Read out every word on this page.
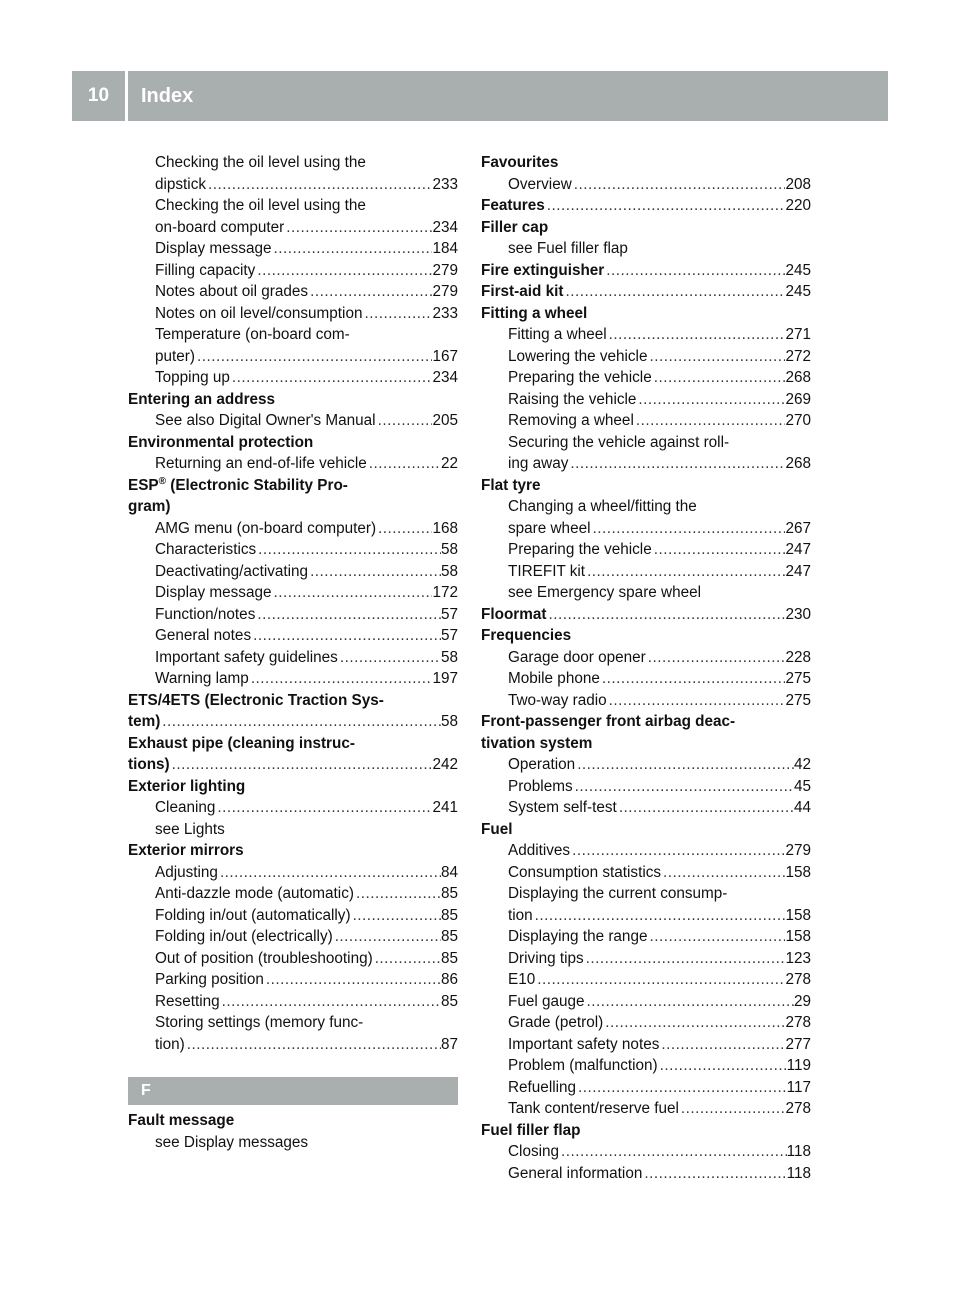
10	Index
Checking the oil level using the
dipstick .....	233
Checking the oil level using the
on-board computer .....	234
Display message .....	184
Filling capacity .....	279
Notes about oil grades .....	279
Notes on oil level/consumption .....	233
Temperature (on-board com-
puter) .....	167
Topping up .....	234
Entering an address
See also Digital Owner's Manual .....	205
Environmental protection
Returning an end-of-life vehicle .....	22
ESP® (Electronic Stability Pro-
gram)
AMG menu (on-board computer) .....	168
Characteristics .....	58
Deactivating/activating .....	58
Display message .....	172
Function/notes .....	57
General notes .....	57
Important safety guidelines .....	58
Warning lamp .....	197
ETS/4ETS (Electronic Traction Sys-
tem) .....	58
Exhaust pipe (cleaning instruc-
tions) .....	242
Exterior lighting
Cleaning .....	241
see Lights
Exterior mirrors
Adjusting .....	84
Anti-dazzle mode (automatic) .....	85
Folding in/out (automatically) .....	85
Folding in/out (electrically) .....	85
Out of position (troubleshooting) .....	85
Parking position .....	86
Resetting .....	85
Storing settings (memory func-
tion) .....	87
F
Fault message
see Display messages
Favourites
Overview .....	208
Features .....	220
Filler cap
see Fuel filler flap
Fire extinguisher .....	245
First-aid kit .....	245
Fitting a wheel
Fitting a wheel .....	271
Lowering the vehicle .....	272
Preparing the vehicle .....	268
Raising the vehicle .....	269
Removing a wheel .....	270
Securing the vehicle against roll-
ing away .....	268
Flat tyre
Changing a wheel/fitting the
spare wheel .....	267
Preparing the vehicle .....	247
TIREFIT kit .....	247
see Emergency spare wheel
Floormat .....	230
Frequencies
Garage door opener .....	228
Mobile phone .....	275
Two-way radio .....	275
Front-passenger front airbag deac-
tivation system
Operation .....	42
Problems .....	45
System self-test .....	44
Fuel
Additives .....	279
Consumption statistics .....	158
Displaying the current consump-
tion .....	158
Displaying the range .....	158
Driving tips .....	123
E10 .....	278
Fuel gauge .....	29
Grade (petrol) .....	278
Important safety notes .....	277
Problem (malfunction) .....	119
Refuelling .....	117
Tank content/reserve fuel .....	278
Fuel filler flap
Closing .....	118
General information .....	118
